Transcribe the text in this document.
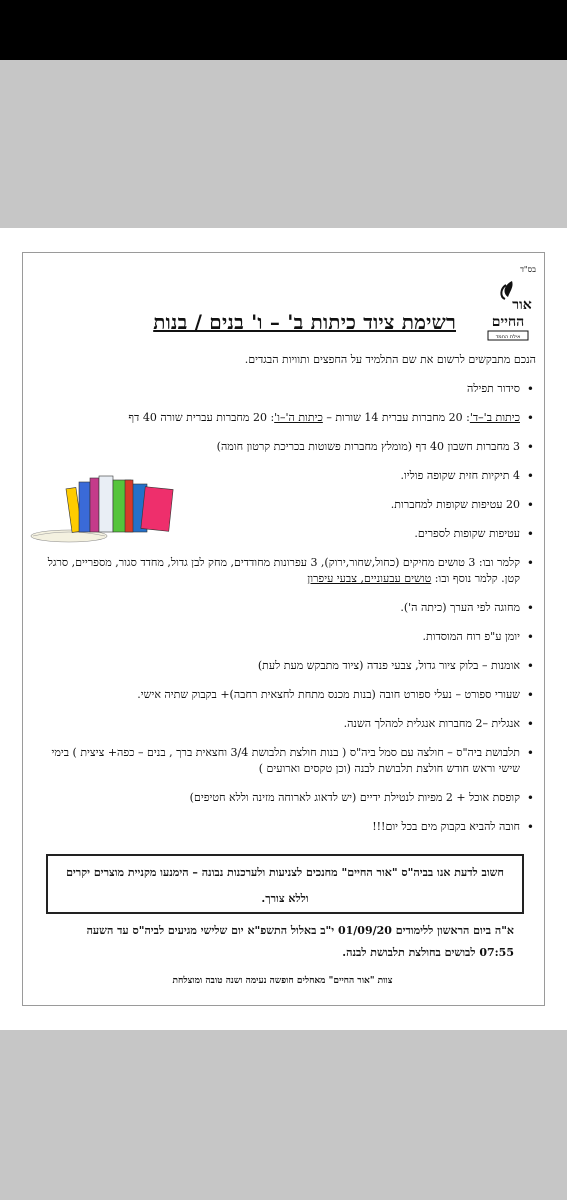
בס"ד
אור
החיים
אילת החמד
רשימת ציוד כיתות ב' – ו' בנים / בנות
הנכם מתבקשים לרשום את שם התלמיד על החפצים ותוויות הבגדים.
• סידור תפילה
• כיתות ב'–ד': 20 מחברות עברית 14 שורות – כיתות ה'–ו': 20 מחברות עברית שורה 40 דף
• 3 מחברות חשבון 40 דף (מומלץ מחברות פשוטות בכריכת קרטון חומה)
• 4 תיקיות חזית שקופה פוליו.
• 20 עטיפות שקופות למחברות.
• עטיפות שקופות לספרים.
• קלמר ובו: 3 טושים מחיקים (כחול,שחור,ירוק), 3 עפרונות מחודדים, מחק לבן גדול, מחדד סגור, מספריים, סרגל קטן. קלמר נוסף ובו: טושים עבעוניים, צבעי עיפרון
• מחוגה לפי הערך (כיתה ה').
• יומן ע"פ רוח המוסדות.
• אומנות – בלוק ציור גדול, צבעי פנדה (ציוד מתבקש מעת לעת)
• שעורי ספורט – נעלי ספורט חובה (בנות מכנס מתחת לחצאית רחבה)+ בקבוק שתיה אישי.
• אנגלית –2 מחברות אנגלית למהלך השנה.
• תלבושת ביה"ס – חולצה עם סמל ביה"ס ( בנות חולצת תלבושת 3/4 וחצאית ברך , בנים – כפה+ ציצית ) בימי שישי וראש חודש חולצת תלבושת לבנה (וכן טקסים וארועים )
• קופסת אוכל + 2 מפיות לנטילת ידיים (יש לדאוג לארוחה מזינה וללא חטיפים)
• חובה להביא בקבוק מים בכל יום!!!
חשוב לדעת אנו בביה"ס "אור החיים" מחנכים לצניעות ולערכנות נבונה – הימנעו מקניית מוצרים יקרים וללא צורך.
א"ה ביום הראשון ללימודים 01/09/20 י"ב באלול התשפ"א יום שלישי מגיעים לביה"ס עד השעה 07:55 לבושים בחולצת תלבושת לבנה.
צוות "אור החיים" מאחלים חופשה נעימה ושנה טובה ומוצלחת
